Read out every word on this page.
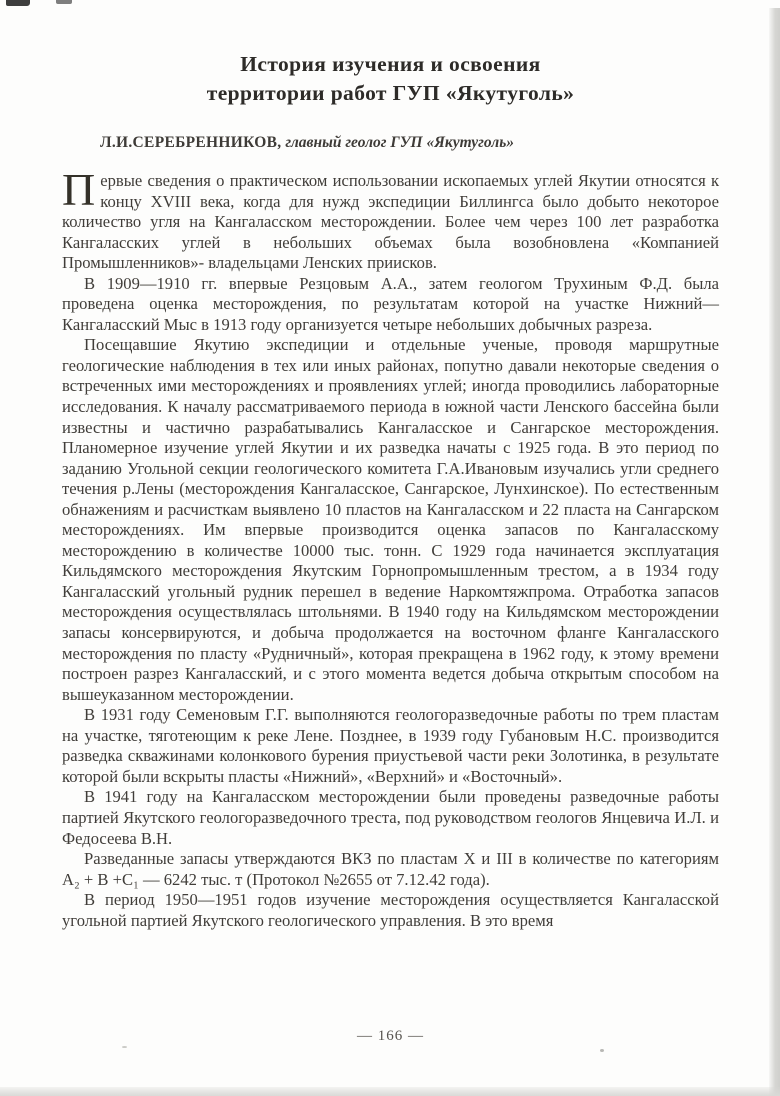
История изучения и освоения
территории работ ГУП «Якутуголь»
Л.И.СЕРЕБРЕННИКОВ, главный геолог ГУП «Якутуголь»

Первые сведения о практическом использовании ископаемых углей Якутии относятся к концу XVIII века, когда для нужд экспедиции Биллингса было добыто некоторое количество угля на Кангаласском месторождении. Более чем через 100 лет разработка Кангаласских углей в небольших объемах была возобновлена «Компанией Промышленников»- владельцами Ленских приисков.

В 1909—1910 гг. впервые Резцовым А.А., затем геологом Трухиным Ф.Д. была проведена оценка месторождения, по результатам которой на участке Нижний—Кангаласский Мыс в 1913 году организуется четыре небольших добычных разреза.

Посещавшие Якутию экспедиции и отдельные ученые, проводя маршрутные геологические наблюдения в тех или иных районах, попутно давали некоторые сведения о встреченных ими месторождениях и проявлениях углей; иногда проводились лабораторные исследования. К началу рассматриваемого периода в южной части Ленского бассейна были известны и частично разрабатывались Кангаласское и Сангарское месторождения. Планомерное изучение углей Якутии и их разведка начаты с 1925 года. В это период по заданию Угольной секции геологического комитета Г.А.Ивановым изучались угли среднего течения р.Лены (месторождения Кангаласское, Сангарское, Лунхинское). По естественным обнажениям и расчисткам выявлено 10 пластов на Кангаласском и 22 пласта на Сангарском месторождениях. Им впервые производится оценка запасов по Кангаласскому месторождению в количестве 10000 тыс. тонн. С 1929 года начинается эксплуатация Кильдямского месторождения Якутским Горнопромышленным трестом, а в 1934 году Кангаласский угольный рудник перешел в ведение Наркомтяжпрома. Отработка запасов месторождения осуществлялась штольнями. В 1940 году на Кильдямском месторождении запасы консервируются, и добыча продолжается на восточном фланге Кангаласского месторождения по пласту «Рудничный», которая прекращена в 1962 году, к этому времени построен разрез Кангаласский, и с этого момента ведется добыча открытым способом на вышеуказанном месторождении.

В 1931 году Семеновым Г.Г. выполняются геологоразведочные работы по трем пластам на участке, тяготеющим к реке Лене. Позднее, в 1939 году Губановым Н.С. производится разведка скважинами колонкового бурения приустьевой части реки Золотинка, в результате которой были вскрыты пласты «Нижний», «Верхний» и «Восточный».

В 1941 году на Кангаласском месторождении были проведены разведочные работы партией Якутского геологоразведочного треста, под руководством геологов Янцевича И.Л. и Федосеева В.Н.

Разведанные запасы утверждаются ВКЗ по пластам X и III в количестве по категориям А₂ + В +С₁ — 6242 тыс. т (Протокол №2655 от 7.12.42 года).

В период 1950—1951 годов изучение месторождения осуществляется Кангаласской угольной партией Якутского геологического управления. В это время

— 166 —
